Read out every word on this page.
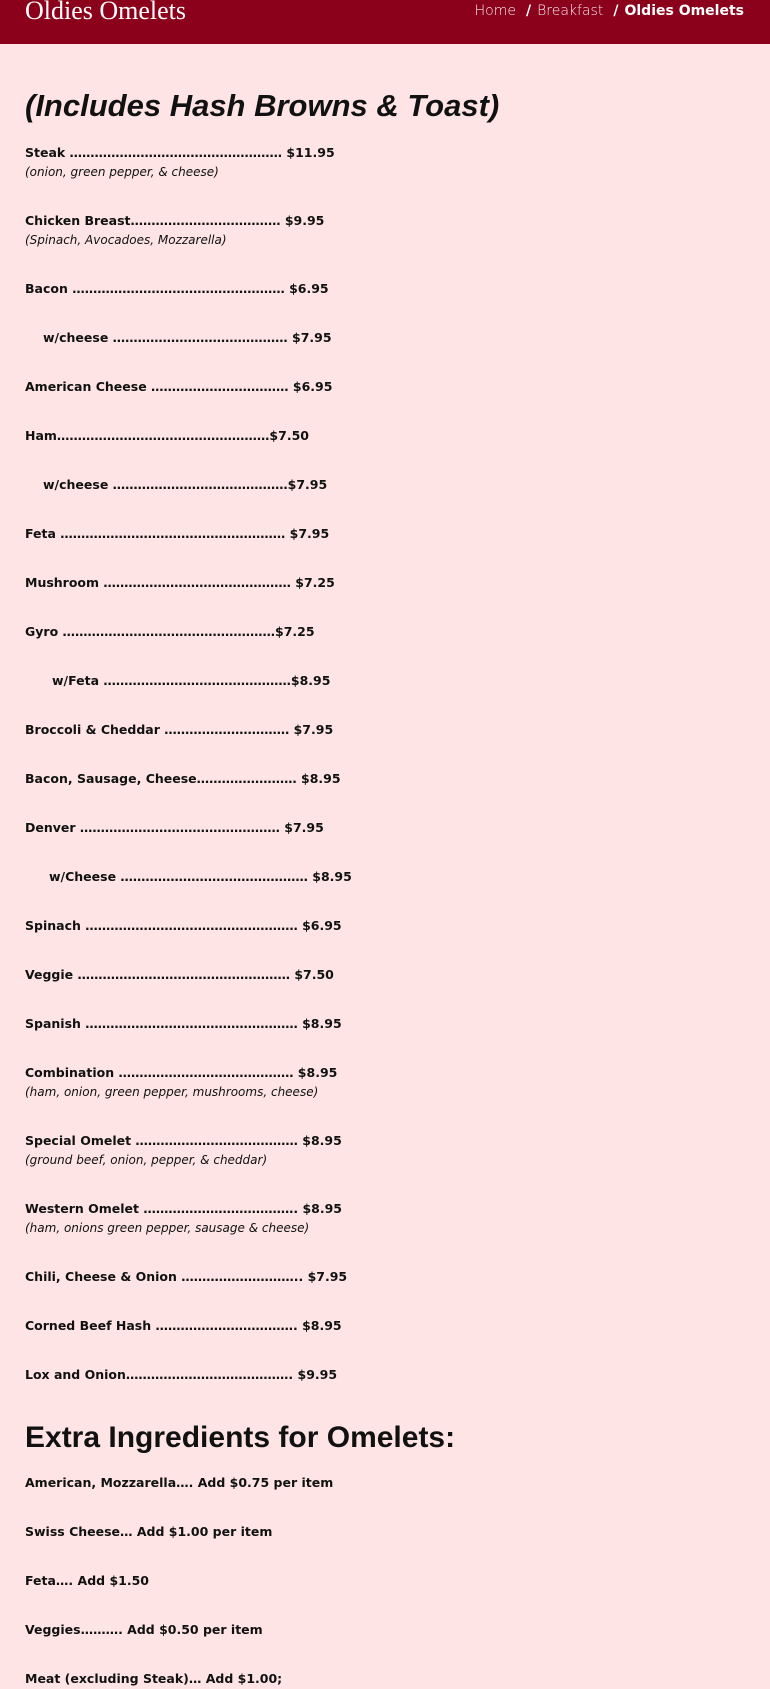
Oldies Omelets	Home / Breakfast / Oldies Omelets
(Includes Hash Browns & Toast)
Steak …………………………………………… $11.95
(onion, green pepper, & cheese)
Chicken Breast……………………………… $9.95
(Spinach, Avocadoes, Mozzarella)
Bacon …………………………………………… $6.95
w/cheese …………………………………… $7.95
American Cheese …………………………… $6.95
Ham……………………………………………$7.50
w/cheese ……………………………………$7.95
Feta ……………………………………………… $7.95
Mushroom ……………………………………… $7.25
Gyro ……………………………………………$7.25
w/Feta ………………………………………$8.95
Broccoli & Cheddar ………………………… $7.95
Bacon, Sausage, Cheese…………………… $8.95
Denver ………………………………………… $7.95
w/Cheese ……………………………………… $8.95
Spinach …………………………………………… $6.95
Veggie …………………………………………… $7.50
Spanish …………………………………………… $8.95
Combination …………………………………… $8.95
(ham, onion, green pepper, mushrooms, cheese)
Special Omelet ………………………………… $8.95
(ground beef, onion, pepper, & cheddar)
Western Omelet ………………………………. $8.95
(ham, onions green pepper, sausage & cheese)
Chili, Cheese & Onion ……………………….. $7.95
Corned Beef Hash ……………………………. $8.95
Lox and Onion…………………………………. $9.95
Extra Ingredients for Omelets:
American, Mozzarella…. Add $0.75 per item
Swiss Cheese… Add $1.00 per item
Feta…. Add $1.50
Veggies………. Add $0.50 per item
Meat (excluding Steak)… Add $1.00;
